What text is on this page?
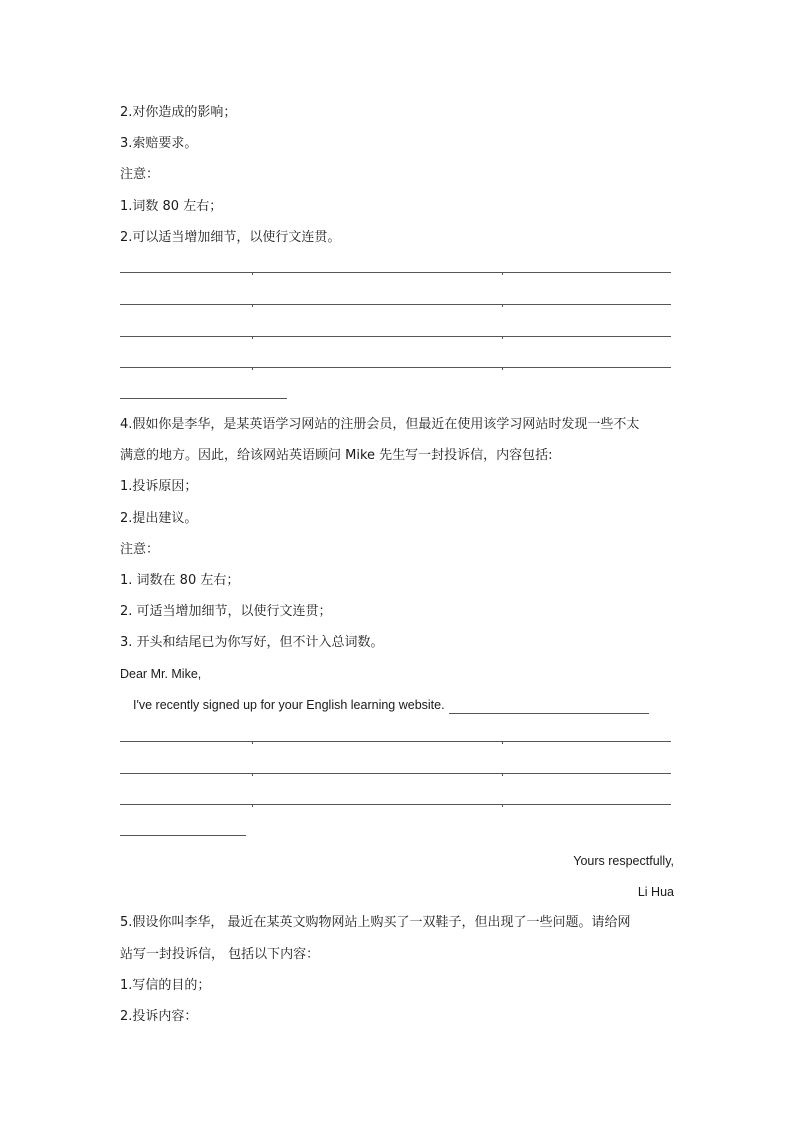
2.对你造成的影响；
3.索赔要求。
注意：
1.词数 80 左右；
2.可以适当增加细节，以使行文连贯。
4.假如你是李华，是某英语学习网站的注册会员，但最近在使用该学习网站时发现一些不太
满意的地方。因此，给该网站英语顾问 Mike 先生写一封投诉信，内容包括:
1.投诉原因；
2.提出建议。
注意：
1. 词数在 80 左右；
2. 可适当增加细节，以使行文连贯；
3. 开头和结尾已为你写好，但不计入总词数。
Dear Mr. Mike,
I've recently signed up for your English learning website.
Yours respectfully,
Li Hua
5.假设你叫李华， 最近在某英文购物网站上购买了一双鞋子，但出现了一些问题。请给网
站写一封投诉信， 包括以下内容：
1.写信的目的；
2.投诉内容：
